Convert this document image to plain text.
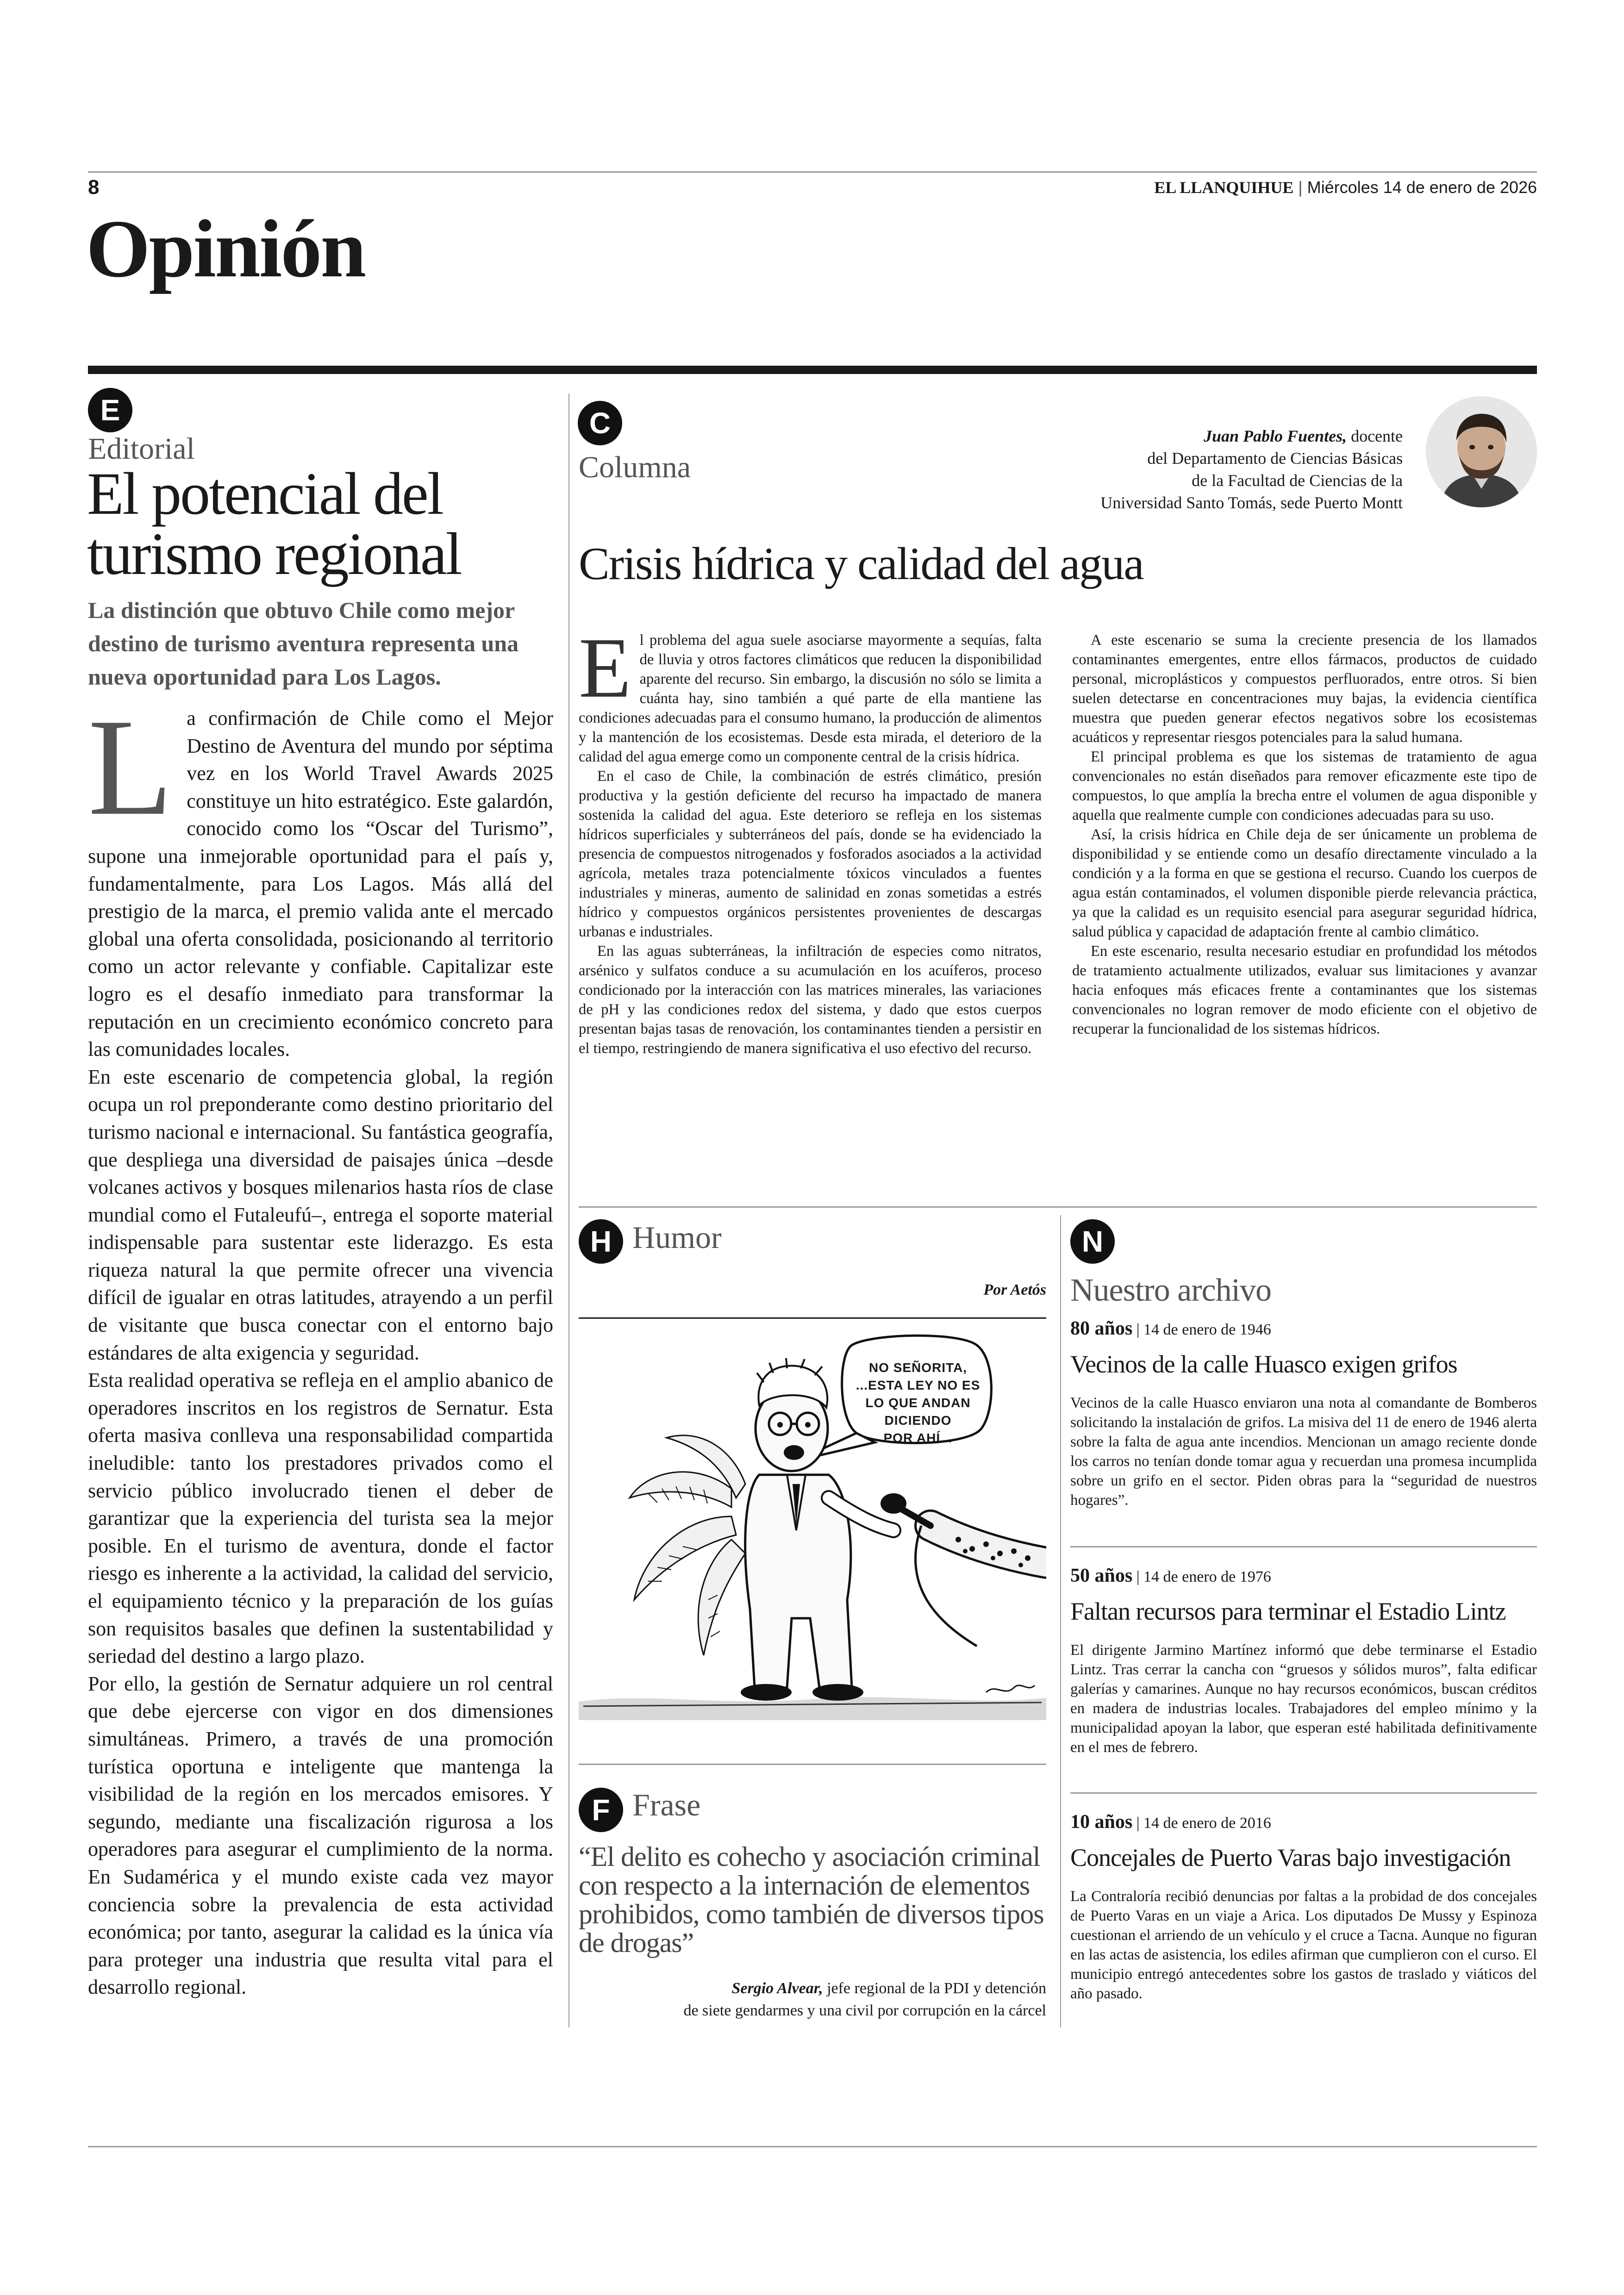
8	EL LLANQUIHUE | Miércoles 14 de enero de 2026
Opinión
E
Editorial
El potencial del
turismo regional
La distinción que obtuvo Chile como mejor destino de turismo aventura representa una nueva oportunidad para Los Lagos.
L a confirmación de Chile como el Mejor Destino de Aventura del mundo por séptima vez en los World Travel Awards 2025 constituye un hito estratégico. Este galardón, conocido como los “Oscar del Turismo”, supone una inmejorable oportunidad para el país y, fundamentalmente, para Los Lagos. Más allá del prestigio de la marca, el premio valida ante el mercado global una oferta consolidada, posicionando al territorio como un actor relevante y confiable. Capitalizar este logro es el desafío inmediato para transformar la reputación en un crecimiento económico concreto para las comunidades locales.

En este escenario de competencia global, la región ocupa un rol preponderante como destino prioritario del turismo nacional e internacional. Su fantástica geografía, que despliega una diversidad de paisajes única –desde volcanes activos y bosques milenarios hasta ríos de clase mundial como el Futaleufú–, entrega el soporte material indispensable para sustentar este liderazgo. Es esta riqueza natural la que permite ofrecer una vivencia difícil de igualar en otras latitudes, atrayendo a un perfil de visitante que busca conectar con el entorno bajo estándares de alta exigencia y seguridad.

Esta realidad operativa se refleja en el amplio abanico de operadores inscritos en los registros de Sernatur. Esta oferta masiva conlleva una responsabilidad compartida ineludible: tanto los prestadores privados como el servicio público involucrado tienen el deber de garantizar que la experiencia del turista sea la mejor posible. En el turismo de aventura, donde el factor riesgo es inherente a la actividad, la calidad del servicio, el equipamiento técnico y la preparación de los guías son requisitos basales que definen la sustentabilidad y seriedad del destino a largo plazo.

Por ello, la gestión de Sernatur adquiere un rol central que debe ejercerse con vigor en dos dimensiones simultáneas. Primero, a través de una promoción turística oportuna e inteligente que mantenga la visibilidad de la región en los mercados emisores. Y segundo, mediante una fiscalización rigurosa a los operadores para asegurar el cumplimiento de la norma. En Sudamérica y el mundo existe cada vez mayor conciencia sobre la prevalencia de esta actividad económica; por tanto, asegurar la calidad es la única vía para proteger una industria que resulta vital para el desarrollo regional.

C
Columna
Juan Pablo Fuentes, docente
del Departamento de Ciencias Básicas
de la Facultad de Ciencias de la
Universidad Santo Tomás, sede Puerto Montt
Crisis hídrica y calidad del agua
E l problema del agua suele asociarse mayormente a sequías, falta de lluvia y otros factores climáticos que reducen la disponibilidad aparente del recurso. Sin embargo, la discusión no sólo se limita a cuánta hay, sino también a qué parte de ella mantiene las condiciones adecuadas para el consumo humano, la producción de alimentos y la mantención de los ecosistemas. Desde esta mirada, el deterioro de la calidad del agua emerge como un componente central de la crisis hídrica.

En el caso de Chile, la combinación de estrés climático, presión productiva y la gestión deficiente del recurso ha impactado de manera sostenida la calidad del agua. Este deterioro se refleja en los sistemas hídricos superficiales y subterráneos del país, donde se ha evidenciado la presencia de compuestos nitrogenados y fosforados asociados a la actividad agrícola, metales traza potencialmente tóxicos vinculados a fuentes industriales y mineras, aumento de salinidad en zonas sometidas a estrés hídrico y compuestos orgánicos persistentes provenientes de descargas urbanas e industriales.

En las aguas subterráneas, la infiltración de especies como nitratos, arsénico y sulfatos conduce a su acumulación en los acuíferos, proceso condicionado por la interacción con las matrices minerales, las variaciones de pH y las condiciones redox del sistema, y dado que estos cuerpos presentan bajas tasas de renovación, los contaminantes tienden a persistir en el tiempo, restringiendo de manera significativa el uso efectivo del recurso.

A este escenario se suma la creciente presencia de los llamados contaminantes emergentes, entre ellos fármacos, productos de cuidado personal, microplásticos y compuestos perfluorados, entre otros. Si bien suelen detectarse en concentraciones muy bajas, la evidencia científica muestra que pueden generar efectos negativos sobre los ecosistemas acuáticos y representar riesgos potenciales para la salud humana.

El principal problema es que los sistemas de tratamiento de agua convencionales no están diseñados para remover eficazmente este tipo de compuestos, lo que amplía la brecha entre el volumen de agua disponible y aquella que realmente cumple con condiciones adecuadas para su uso.

Así, la crisis hídrica en Chile deja de ser únicamente un problema de disponibilidad y se entiende como un desafío directamente vinculado a la condición y a la forma en que se gestiona el recurso. Cuando los cuerpos de agua están contaminados, el volumen disponible pierde relevancia práctica, ya que la calidad es un requisito esencial para asegurar seguridad hídrica, salud pública y capacidad de adaptación frente al cambio climático.

En este escenario, resulta necesario estudiar en profundidad los métodos de tratamiento actualmente utilizados, evaluar sus limitaciones y avanzar hacia enfoques más eficaces frente a contaminantes que los sistemas convencionales no logran remover de modo eficiente con el objetivo de recuperar la funcionalidad de los sistemas hídricos.

H Humor
Por Aetós
NO SEÑORITA,
...ESTA LEY NO ES
LO QUE ANDAN
DICIENDO
POR AHÍ...
F Frase
“El delito es cohecho y asociación criminal con respecto a la internación de elementos prohibidos, como también de diversos tipos de drogas”
Sergio Alvear, jefe regional de la PDI y detención
de siete gendarmes y una civil por corrupción en la cárcel
N
Nuestro archivo
80 años | 14 de enero de 1946
Vecinos de la calle Huasco exigen grifos
Vecinos de la calle Huasco enviaron una nota al comandante de Bomberos solicitando la instalación de grifos. La misiva del 11 de enero de 1946 alerta sobre la falta de agua ante incendios. Mencionan un amago reciente donde los carros no tenían donde tomar agua y recuerdan una promesa incumplida sobre un grifo en el sector. Piden obras para la “seguridad de nuestros hogares”.
50 años | 14 de enero de 1976
Faltan recursos para terminar el Estadio Lintz
El dirigente Jarmino Martínez informó que debe terminarse el Estadio Lintz. Tras cerrar la cancha con “gruesos y sólidos muros”, falta edificar galerías y camarines. Aunque no hay recursos económicos, buscan créditos en madera de industrias locales. Trabajadores del empleo mínimo y la municipalidad apoyan la labor, que esperan esté habilitada definitivamente en el mes de febrero.
10 años | 14 de enero de 2016
Concejales de Puerto Varas bajo investigación
La Contraloría recibió denuncias por faltas a la probidad de dos concejales de Puerto Varas en un viaje a Arica. Los diputados De Mussy y Espinoza cuestionan el arriendo de un vehículo y el cruce a Tacna. Aunque no figuran en las actas de asistencia, los ediles afirman que cumplieron con el curso. El municipio entregó antecedentes sobre los gastos de traslado y viáticos del año pasado.
